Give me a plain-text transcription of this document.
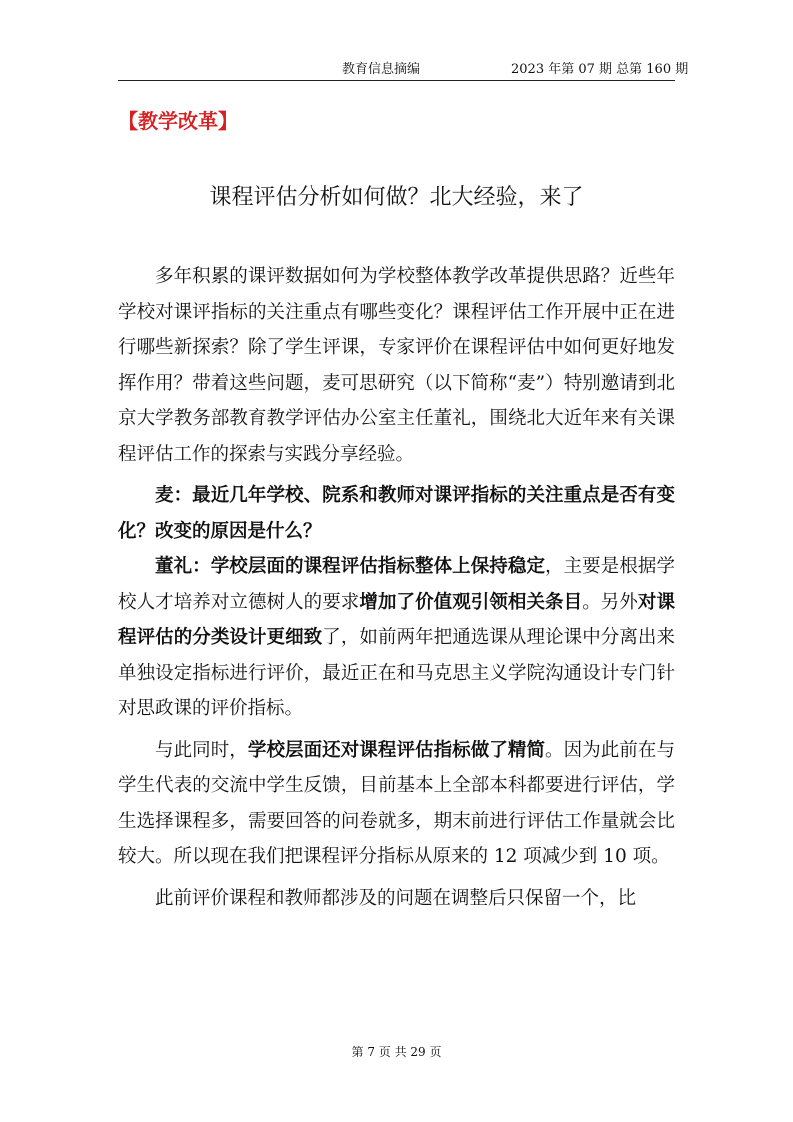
教育信息摘编	2023 年第 07 期 总第 160 期
【教学改革】
课程评估分析如何做？北大经验，来了

多年积累的课评数据如何为学校整体教学改革提供思路？近些年学校对课评指标的关注重点有哪些变化？课程评估工作开展中正在进行哪些新探索？除了学生评课，专家评价在课程评估中如何更好地发挥作用？带着这些问题，麦可思研究（以下简称“麦”）特别邀请到北京大学教务部教育教学评估办公室主任董礼，围绕北大近年来有关课程评估工作的探索与实践分享经验。

麦：最近几年学校、院系和教师对课评指标的关注重点是否有变化？改变的原因是什么？

董礼：学校层面的课程评估指标整体上保持稳定，主要是根据学校人才培养对立德树人的要求增加了价值观引领相关条目。另外对课程评估的分类设计更细致了，如前两年把通选课从理论课中分离出来单独设定指标进行评价，最近正在和马克思主义学院沟通设计专门针对思政课的评价指标。

与此同时，学校层面还对课程评估指标做了精简。因为此前在与学生代表的交流中学生反馈，目前基本上全部本科都要进行评估，学生选择课程多，需要回答的问卷就多，期末前进行评估工作量就会比较大。所以现在我们把课程评分指标从原来的 12 项减少到 10 项。

此前评价课程和教师都涉及的问题在调整后只保留一个，比

第 7 页 共 29 页
